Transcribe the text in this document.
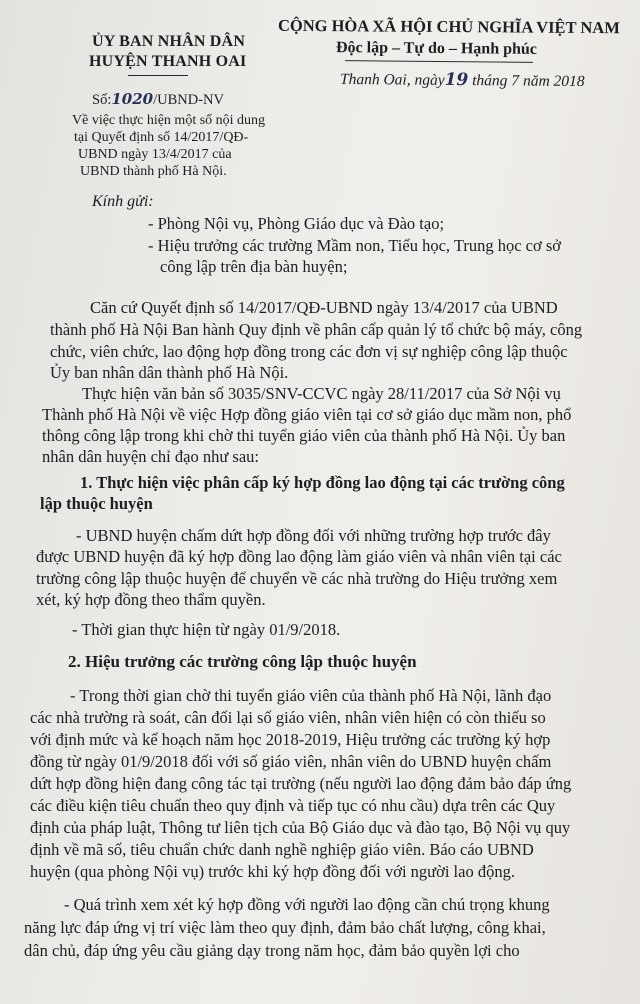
ỦY BAN NHÂN DÂN
HUYỆN THANH OAI
CỘNG HÒA XÃ HỘI CHỦ NGHĨA VIỆT NAM
Độc lập – Tự do – Hạnh phúc
Số:1020/UBND-NV
Thanh Oai, ngày19 tháng 7 năm 2018
Về việc thực hiện một số nội dung
tại Quyết định số 14/2017/QĐ-
UBND ngày 13/4/2017 của
UBND thành phố Hà Nội.
Kính gửi:
- Phòng Nội vụ, Phòng Giáo dục và Đào tạo;
- Hiệu trưởng các trường Mầm non, Tiểu học, Trung học cơ sở
công lập trên địa bàn huyện;
Căn cứ Quyết định số 14/2017/QĐ-UBND ngày 13/4/2017 của UBND
thành phố Hà Nội Ban hành Quy định về phân cấp quản lý tổ chức bộ máy, công
chức, viên chức, lao động hợp đồng trong các đơn vị sự nghiệp công lập thuộc
Ủy ban nhân dân thành phố Hà Nội.
Thực hiện văn bản số 3035/SNV-CCVC ngày 28/11/2017 của Sở Nội vụ
Thành phố Hà Nội về việc Hợp đồng giáo viên tại cơ sở giáo dục mầm non, phổ
thông công lập trong khi chờ thi tuyển giáo viên của thành phố Hà Nội. Ủy ban
nhân dân huyện chỉ đạo như sau:
1. Thực hiện việc phân cấp ký hợp đồng lao động tại các trường công
lập thuộc huyện
- UBND huyện chấm dứt hợp đồng đối với những trường hợp trước đây
được UBND huyện đã ký hợp đồng lao động làm giáo viên và nhân viên tại các
trường công lập thuộc huyện để chuyển về các nhà trường do Hiệu trưởng xem
xét, ký hợp đồng theo thẩm quyền.
- Thời gian thực hiện từ ngày 01/9/2018.
2. Hiệu trưởng các trường công lập thuộc huyện
- Trong thời gian chờ thi tuyển giáo viên của thành phố Hà Nội, lãnh đạo
các nhà trường rà soát, cân đối lại số giáo viên, nhân viên hiện có còn thiếu so
với định mức và kế hoạch năm học 2018-2019, Hiệu trưởng các trường ký hợp
đồng từ ngày 01/9/2018 đối với số giáo viên, nhân viên do UBND huyện chấm
dứt hợp đồng hiện đang công tác tại trường (nếu người lao động đảm bảo đáp ứng
các điều kiện tiêu chuẩn theo quy định và tiếp tục có nhu cầu) dựa trên các Quy
định của pháp luật, Thông tư liên tịch của Bộ Giáo dục và đào tạo, Bộ Nội vụ quy
định về mã số, tiêu chuẩn chức danh nghề nghiệp giáo viên. Báo cáo UBND
huyện (qua phòng Nội vụ) trước khi ký hợp đồng đối với người lao động.
- Quá trình xem xét ký hợp đồng với người lao động cần chú trọng khung
năng lực đáp ứng vị trí việc làm theo quy định, đảm bảo chất lượng, công khai,
dân chủ, đáp ứng yêu cầu giảng dạy trong năm học, đảm bảo quyền lợi cho
